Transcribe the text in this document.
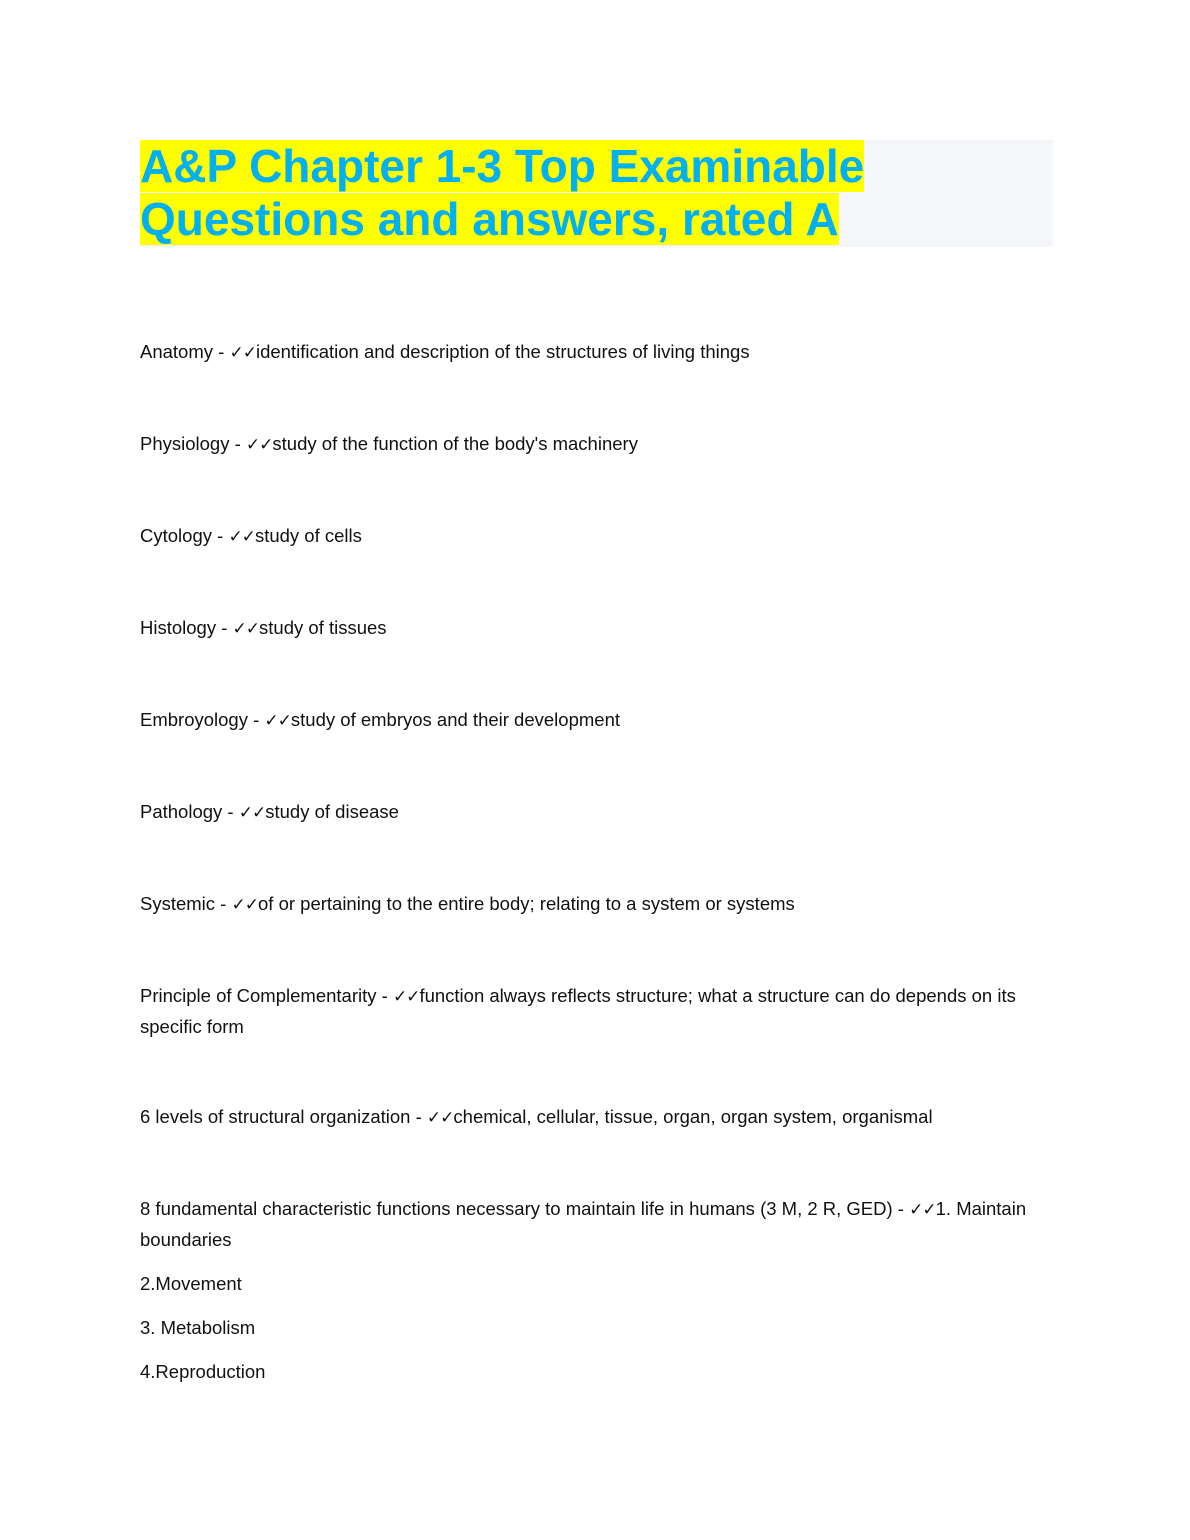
A&P Chapter 1-3 Top Examinable
Questions and answers, rated A

Anatomy - ✓✓identification and description of the structures of living things

Physiology - ✓✓study of the function of the body's machinery

Cytology - ✓✓study of cells

Histology - ✓✓study of tissues

Embroyology - ✓✓study of embryos and their development

Pathology - ✓✓study of disease

Systemic - ✓✓of or pertaining to the entire body; relating to a system or systems

Principle of Complementarity - ✓✓function always reflects structure; what a structure can do depends on its specific form

6 levels of structural organization - ✓✓chemical, cellular, tissue, organ, organ system, organismal

8 fundamental characteristic functions necessary to maintain life in humans (3 M, 2 R, GED) - ✓✓1. Maintain boundaries

2.Movement

3. Metabolism

4.Reproduction
